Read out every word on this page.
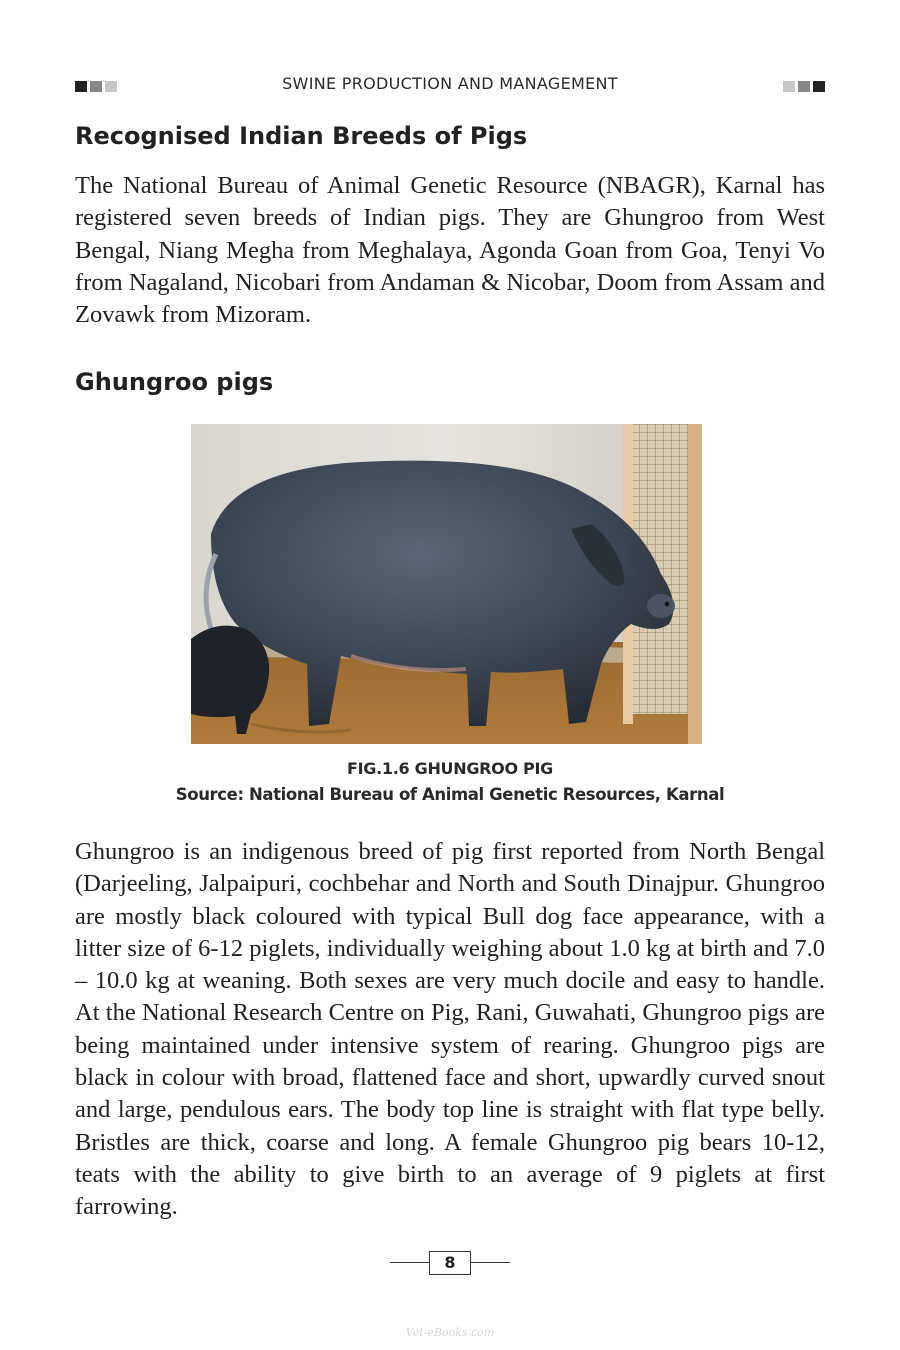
SWINE PRODUCTION AND MANAGEMENT
Recognised Indian Breeds of Pigs

The National Bureau of Animal Genetic Resource (NBAGR), Karnal has registered seven breeds of Indian pigs. They are Ghungroo from West Bengal, Niang Megha from Meghalaya, Agonda Goan from Goa, Tenyi Vo from Nagaland, Nicobari from Andaman & Nicobar, Doom from Assam and Zovawk from Mizoram.

Ghungroo pigs
FIG.1.6 GHUNGROO PIG
Source: National Bureau of Animal Genetic Resources, Karnal

Ghungroo is an indigenous breed of pig first reported from North Bengal (Darjeeling, Jalpaipuri, cochbehar and North and South Dinajpur. Ghungroo are mostly black coloured with typical Bull dog face appearance, with a litter size of 6-12 piglets, individually weighing about 1.0 kg at birth and 7.0 – 10.0 kg at weaning. Both sexes are very much docile and easy to handle. At the National Research Centre on Pig, Rani, Guwahati, Ghungroo pigs are being maintained under intensive system of rearing. Ghungroo pigs are black in colour with broad, flattened face and short, upwardly curved snout and large, pendulous ears. The body top line is straight with flat type belly. Bristles are thick, coarse and long. A female Ghungroo pig bears 10-12, teats with the ability to give birth to an average of 9 piglets at first farrowing.

8
Vet-eBooks.com
